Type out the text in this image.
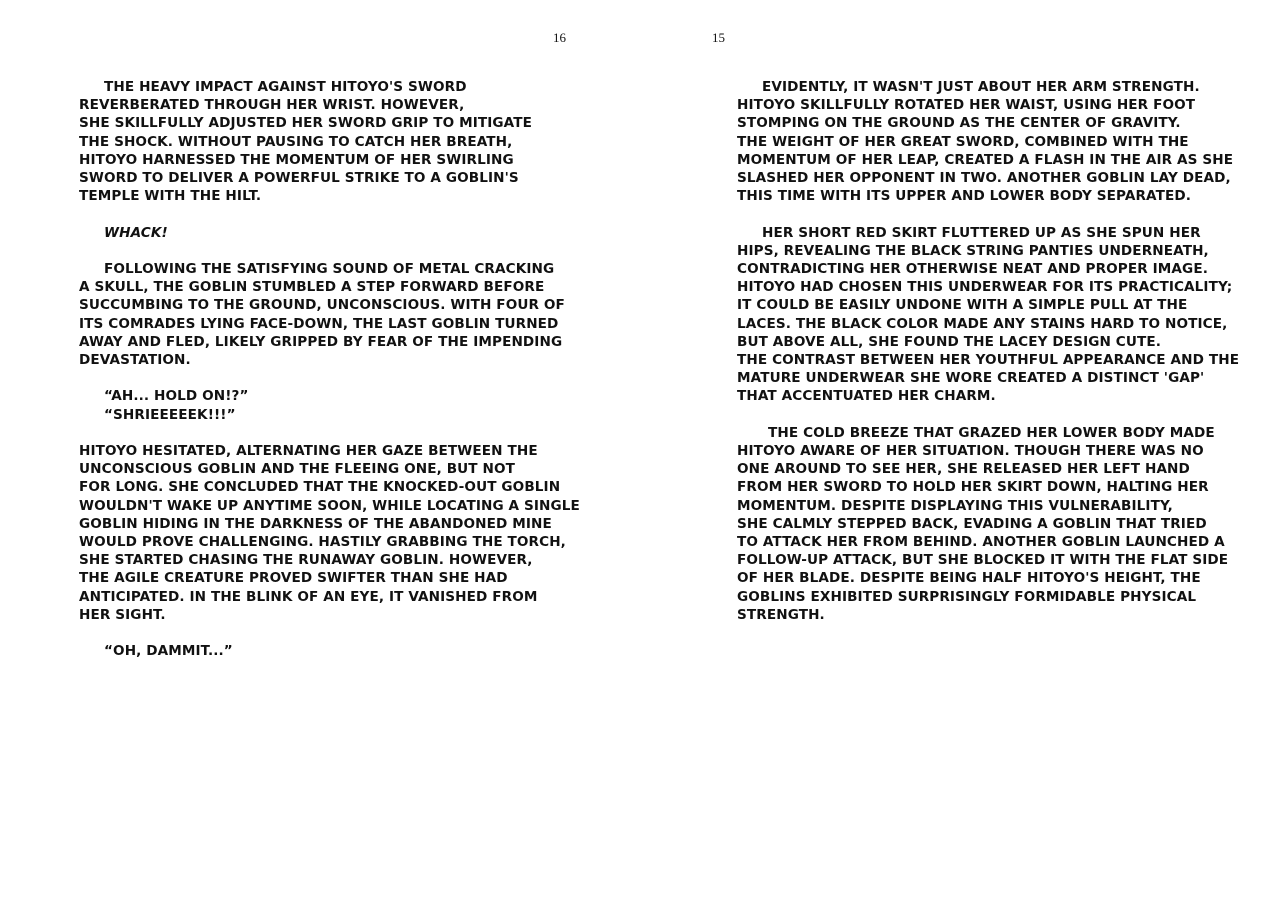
16

THE HEAVY IMPACT AGAINST HITOYO'S SWORD
REVERBERATED THROUGH HER WRIST. HOWEVER,
SHE SKILLFULLY ADJUSTED HER SWORD GRIP TO MITIGATE
THE SHOCK. WITHOUT PAUSING TO CATCH HER BREATH,
HITOYO HARNESSED THE MOMENTUM OF HER SWIRLING
SWORD TO DELIVER A POWERFUL STRIKE TO A GOBLIN'S
TEMPLE WITH THE HILT.

WHACK!

FOLLOWING THE SATISFYING SOUND OF METAL CRACKING
A SKULL, THE GOBLIN STUMBLED A STEP FORWARD BEFORE
SUCCUMBING TO THE GROUND, UNCONSCIOUS. WITH FOUR OF
ITS COMRADES LYING FACE-DOWN, THE LAST GOBLIN TURNED
AWAY AND FLED, LIKELY GRIPPED BY FEAR OF THE IMPENDING
DEVASTATION.

“AH... HOLD ON!?”
“SHRIEEEEEK!!!”

HITOYO HESITATED, ALTERNATING HER GAZE BETWEEN THE
UNCONSCIOUS GOBLIN AND THE FLEEING ONE, BUT NOT
FOR LONG. SHE CONCLUDED THAT THE KNOCKED-OUT GOBLIN
WOULDN'T WAKE UP ANYTIME SOON, WHILE LOCATING A SINGLE
GOBLIN HIDING IN THE DARKNESS OF THE ABANDONED MINE
WOULD PROVE CHALLENGING. HASTILY GRABBING THE TORCH,
SHE STARTED CHASING THE RUNAWAY GOBLIN. HOWEVER,
THE AGILE CREATURE PROVED SWIFTER THAN SHE HAD
ANTICIPATED. IN THE BLINK OF AN EYE, IT VANISHED FROM
HER SIGHT.

“OH, DAMMIT...”

15

EVIDENTLY, IT WASN'T JUST ABOUT HER ARM STRENGTH.
HITOYO SKILLFULLY ROTATED HER WAIST, USING HER FOOT
STOMPING ON THE GROUND AS THE CENTER OF GRAVITY.
THE WEIGHT OF HER GREAT SWORD, COMBINED WITH THE
MOMENTUM OF HER LEAP, CREATED A FLASH IN THE AIR AS SHE
SLASHED HER OPPONENT IN TWO. ANOTHER GOBLIN LAY DEAD,
THIS TIME WITH ITS UPPER AND LOWER BODY SEPARATED.

HER SHORT RED SKIRT FLUTTERED UP AS SHE SPUN HER
HIPS, REVEALING THE BLACK STRING PANTIES UNDERNEATH,
CONTRADICTING HER OTHERWISE NEAT AND PROPER IMAGE.
HITOYO HAD CHOSEN THIS UNDERWEAR FOR ITS PRACTICALITY;
IT COULD BE EASILY UNDONE WITH A SIMPLE PULL AT THE
LACES. THE BLACK COLOR MADE ANY STAINS HARD TO NOTICE,
BUT ABOVE ALL, SHE FOUND THE LACEY DESIGN CUTE.
THE CONTRAST BETWEEN HER YOUTHFUL APPEARANCE AND THE
MATURE UNDERWEAR SHE WORE CREATED A DISTINCT 'GAP'
THAT ACCENTUATED HER CHARM.

THE COLD BREEZE THAT GRAZED HER LOWER BODY MADE
HITOYO AWARE OF HER SITUATION. THOUGH THERE WAS NO
ONE AROUND TO SEE HER, SHE RELEASED HER LEFT HAND
FROM HER SWORD TO HOLD HER SKIRT DOWN, HALTING HER
MOMENTUM. DESPITE DISPLAYING THIS VULNERABILITY,
SHE CALMLY STEPPED BACK, EVADING A GOBLIN THAT TRIED
TO ATTACK HER FROM BEHIND. ANOTHER GOBLIN LAUNCHED A
FOLLOW-UP ATTACK, BUT SHE BLOCKED IT WITH THE FLAT SIDE
OF HER BLADE. DESPITE BEING HALF HITOYO'S HEIGHT, THE
GOBLINS EXHIBITED SURPRISINGLY FORMIDABLE PHYSICAL
STRENGTH.
